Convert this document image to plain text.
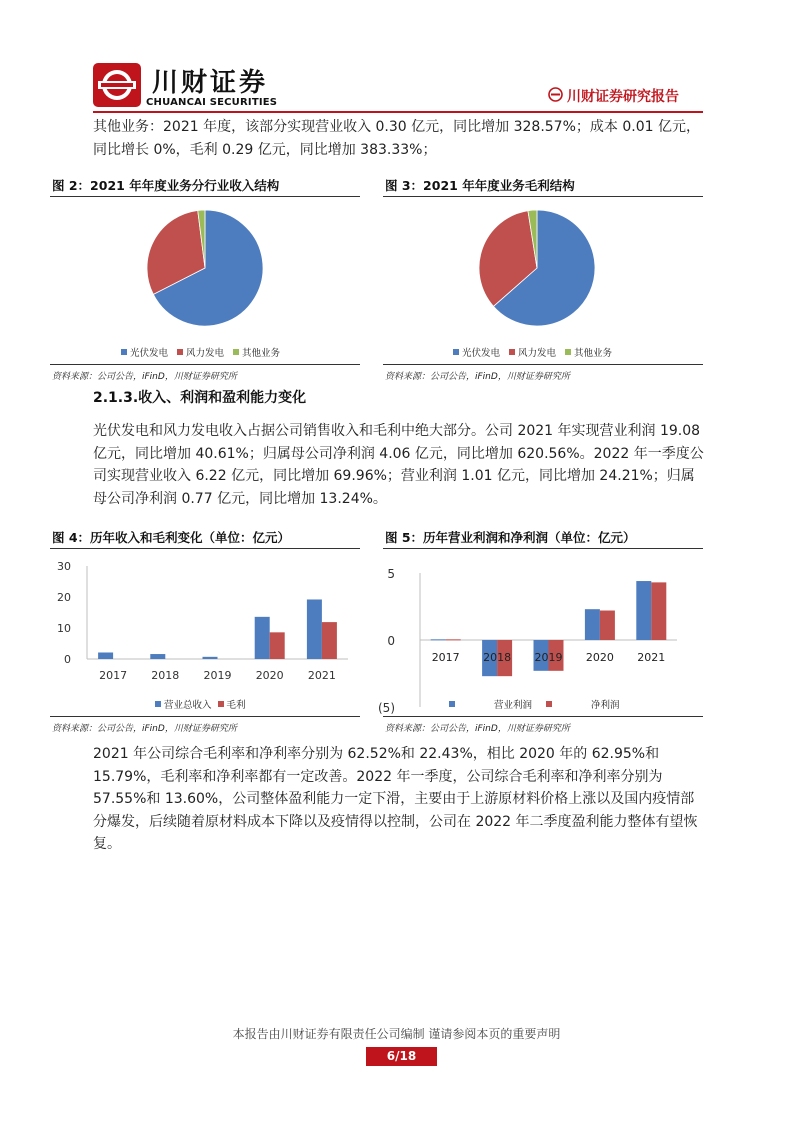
川财证券
CHUANCAI SECURITIES	川财证券研究报告

其他业务：2021 年度，该部分实现营业收入 0.30 亿元，同比增加 328.57%；成本 0.01 亿元，同比增长 0%，毛利 0.29 亿元，同比增加 383.33%；

图 2：2021 年年度业务分行业收入结构
光伏发电 风力发电 其他业务
资料来源：公司公告，iFinD，川财证券研究所
图 3：2021 年年度业务毛利结构
光伏发电 风力发电 其他业务
资料来源：公司公告，iFinD，川财证券研究所
2.1.3.收入、利润和盈利能力变化

光伏发电和风力发电收入占据公司销售收入和毛利中绝大部分。公司 2021 年实现营业利润 19.08 亿元，同比增加 40.61%；归属母公司净利润 4.06 亿元，同比增加 620.56%。2022 年一季度公司实现营业收入 6.22 亿元，同比增加 69.96%；营业利润 1.01 亿元，同比增加 24.21%；归属母公司净利润 0.77 亿元，同比增加 13.24%。

图 4：历年收入和毛利变化（单位：亿元）
0
10
20
30
2017 2018 2019 2020 2021
营业总收入 毛利
资料来源：公司公告，iFinD，川财证券研究所
图 5：历年营业利润和净利润（单位：亿元）
5
0
(5)
2017 2018 2019 2020 2021
营业利润	净利润
资料来源：公司公告，iFinD，川财证券研究所

2021 年公司综合毛利率和净利率分别为 62.52%和 22.43%，相比 2020 年的 62.95%和 15.79%，毛利率和净利率都有一定改善。2022 年一季度，公司综合毛利率和净利率分别为 57.55%和 13.60%，公司整体盈利能力一定下滑，主要由于上游原材料价格上涨以及国内疫情部分爆发，后续随着原材料成本下降以及疫情得以控制，公司在 2022 年二季度盈利能力整体有望恢复。

本报告由川财证券有限责任公司编制 谨请参阅本页的重要声明
6/18
